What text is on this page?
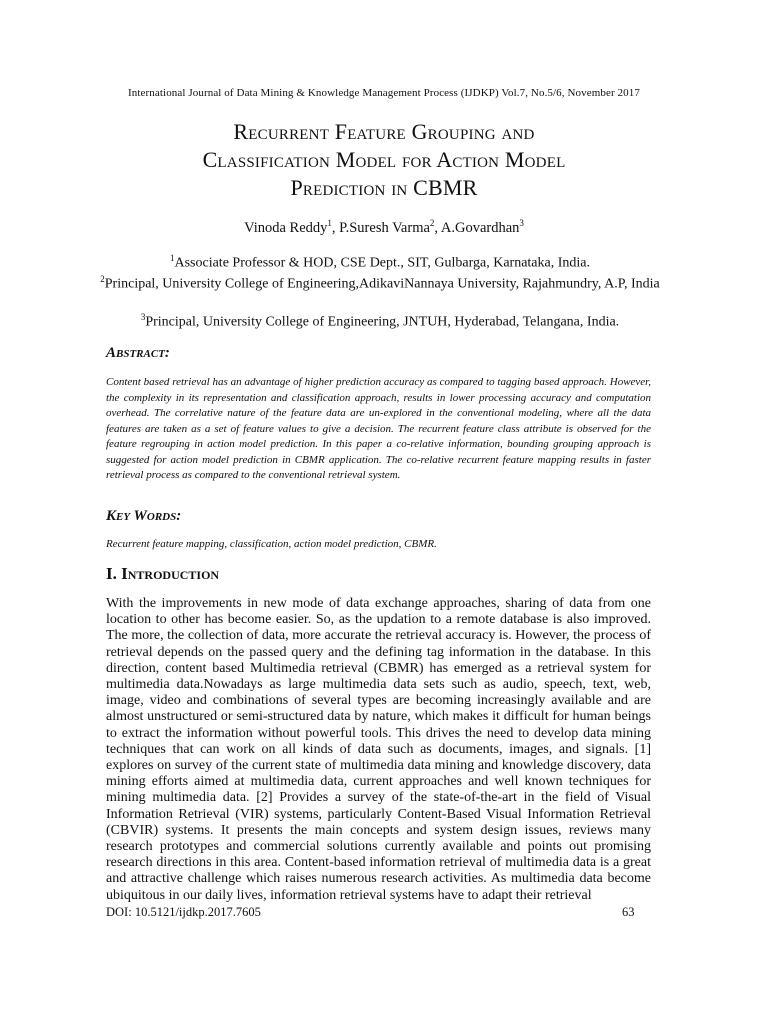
International Journal of Data Mining & Knowledge Management Process (IJDKP) Vol.7, No.5/6, November 2017
Recurrent Feature Grouping and
Classification Model for Action Model
Prediction in CBMR
Vinoda Reddy$^1$, P.Suresh Varma$^2$, A.Govardhan$^3$
$^1$Associate Professor & HOD, CSE Dept., SIT, Gulbarga, Karnataka, India.
$^2$Principal, University College of Engineering,AdikaviNannaya University, Rajahmundry, A.P, India
$^3$Principal, University College of Engineering, JNTUH, Hyderabad, Telangana, India.
Abstract:
Content based retrieval has an advantage of higher prediction accuracy as compared to tagging based approach. However, the complexity in its representation and classification approach, results in lower processing accuracy and computation overhead. The correlative nature of the feature data are un-explored in the conventional modeling, where all the data features are taken as a set of feature values to give a decision. The recurrent feature class attribute is observed for the feature regrouping in action model prediction. In this paper a co-relative information, bounding grouping approach is suggested for action model prediction in CBMR application. The co-relative recurrent feature mapping results in faster retrieval process as compared to the conventional retrieval system.
Key Words:
Recurrent feature mapping, classification, action model prediction, CBMR.
I. Introduction
With the improvements in new mode of data exchange approaches, sharing of data from one location to other has become easier. So, as the updation to a remote database is also improved. The more, the collection of data, more accurate the retrieval accuracy is. However, the process of retrieval depends on the passed query and the defining tag information in the database. In this direction, content based Multimedia retrieval (CBMR) has emerged as a retrieval system for multimedia data.Nowadays as large multimedia data sets such as audio, speech, text, web, image, video and combinations of several types are becoming increasingly available and are almost unstructured or semi-structured data by nature, which makes it difficult for human beings to extract the information without powerful tools. This drives the need to develop data mining techniques that can work on all kinds of data such as documents, images, and signals. [1] explores on survey of the current state of multimedia data mining and knowledge discovery, data mining efforts aimed at multimedia data, current approaches and well known techniques for mining multimedia data. [2] Provides a survey of the state-of-the-art in the field of Visual Information Retrieval (VIR) systems, particularly Content-Based Visual Information Retrieval (CBVIR) systems. It presents the main concepts and system design issues, reviews many research prototypes and commercial solutions currently available and points out promising research directions in this area. Content-based information retrieval of multimedia data is a great and attractive challenge which raises numerous research activities. As multimedia data become ubiquitous in our daily lives, information retrieval systems have to adapt their retrieval
DOI: 10.5121/ijdkp.2017.7605	63
